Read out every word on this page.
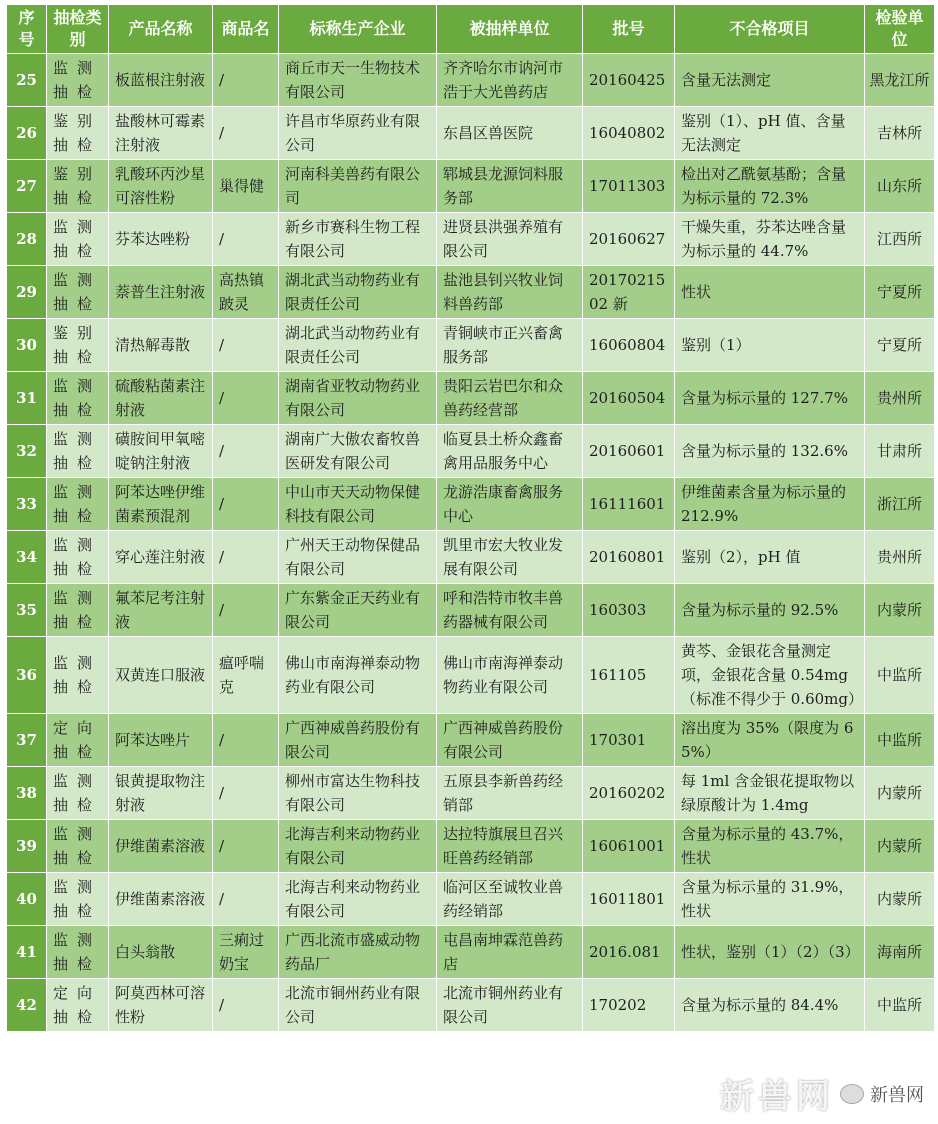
序号	抽检类别	产品名称	商品名	标称生产企业	被抽样单位	批号	不合格项目	检验单位
25	监测抽检	板蓝根注射液	/	商丘市天一生物技术有限公司	齐齐哈尔市讷河市浩于大光兽药店	20160425	含量无法测定	黑龙江所
26	鉴别抽检	盐酸林可霉素注射液	/	许昌市华原药业有限公司	东昌区兽医院	16040802	鉴别（1）、pH 值、含量无法测定	吉林所
27	鉴别抽检	乳酸环丙沙星可溶性粉	巢得健	河南科美兽药有限公司	郓城县龙源饲料服务部	17011303	检出对乙酰氨基酚；含量为标示量的 72.3%	山东所
28	监测抽检	芬苯达唑粉	/	新乡市赛科生物工程有限公司	进贤县洪强养殖有限公司	20160627	干燥失重，芬苯达唑含量为标示量的 44.7%	江西所
29	监测抽检	萘普生注射液	高热镇跛灵	湖北武当动物药业有限责任公司	盐池县钊兴牧业饲料兽药部	2017021502 新	性状	宁夏所
30	鉴别抽检	清热解毒散	/	湖北武当动物药业有限责任公司	青铜峡市正兴畜禽服务部	16060804	鉴别（1）	宁夏所
31	监测抽检	硫酸粘菌素注射液	/	湖南省亚牧动物药业有限公司	贵阳云岩巴尔和众兽药经营部	20160504	含量为标示量的 127.7%	贵州所
32	监测抽检	磺胺间甲氧嘧啶钠注射液	/	湖南广大傲农畜牧兽医研发有限公司	临夏县土桥众鑫畜禽用品服务中心	20160601	含量为标示量的 132.6%	甘肃所
33	监测抽检	阿苯达唑伊维菌素预混剂	/	中山市天天动物保健科技有限公司	龙游浩康畜禽服务中心	16111601	伊维菌素含量为标示量的 212.9%	浙江所
34	监测抽检	穿心莲注射液	/	广州天王动物保健品有限公司	凯里市宏大牧业发展有限公司	20160801	鉴别（2），pH 值	贵州所
35	监测抽检	氟苯尼考注射液	/	广东紫金正天药业有限公司	呼和浩特市牧丰兽药器械有限公司	160303	含量为标示量的 92.5%	内蒙所
36	监测抽检	双黄连口服液	瘟呼喘克	佛山市南海禅泰动物药业有限公司	佛山市南海禅泰动物药业有限公司	161105	黄芩、金银花含量测定项，金银花含量 0.54mg（标准不得少于 0.60mg）	中监所
37	定向抽检	阿苯达唑片	/	广西神威兽药股份有限公司	广西神威兽药股份有限公司	170301	溶出度为 35%（限度为 65%）	中监所
38	监测抽检	银黄提取物注射液	/	柳州市富达生物科技有限公司	五原县李新兽药经销部	20160202	每 1ml 含金银花提取物以绿原酸计为 1.4mg	内蒙所
39	监测抽检	伊维菌素溶液	/	北海吉利来动物药业有限公司	达拉特旗展旦召兴旺兽药经销部	16061001	含量为标示量的 43.7%，性状	内蒙所
40	监测抽检	伊维菌素溶液	/	北海吉利来动物药业有限公司	临河区至诚牧业兽药经销部	16011801	含量为标示量的 31.9%，性状	内蒙所
41	监测抽检	白头翁散	三痢过奶宝	广西北流市盛威动物药品厂	屯昌南坤霖范兽药店	2016.081	性状，鉴别（1）（2）（3）	海南所
42	定向抽检	阿莫西林可溶性粉	/	北流市铜州药业有限公司	北流市铜州药业有限公司	170202	含量为标示量的 84.4%	中监所
新兽网 新兽网
